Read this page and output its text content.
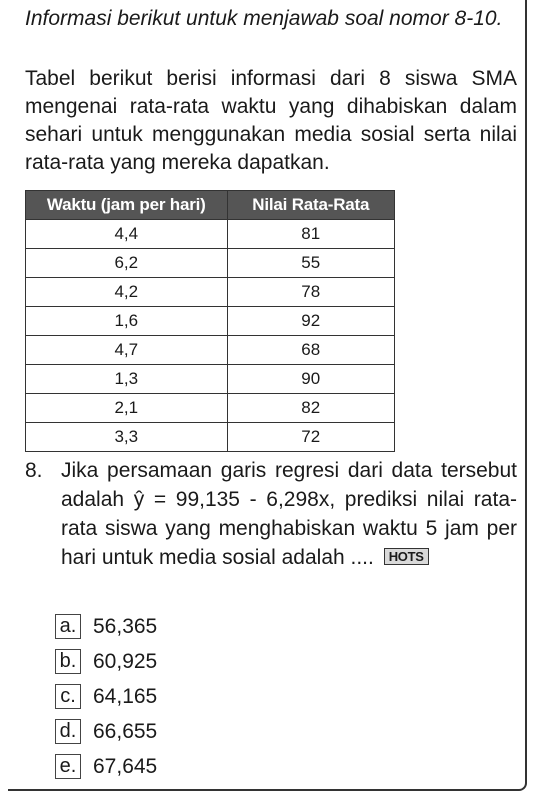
Informasi berikut untuk menjawab soal nomor 8-10.
Tabel berikut berisi informasi dari 8 siswa SMA mengenai rata-rata waktu yang dihabiskan dalam sehari untuk menggunakan media sosial serta nilai rata-rata yang mereka dapatkan.
Waktu (jam per hari)	Nilai Rata-Rata
4,4	81
6,2	55
4,2	78
1,6	92
4,7	68
1,3	90
2,1	82
3,3	72
8. Jika persamaan garis regresi dari data tersebut adalah ŷ = 99,135 - 6,298x, prediksi nilai rata-rata siswa yang menghabiskan waktu 5 jam per hari untuk media sosial adalah .... HOTS
a. 56,365
b. 60,925
c. 64,165
d. 66,655
e. 67,645
